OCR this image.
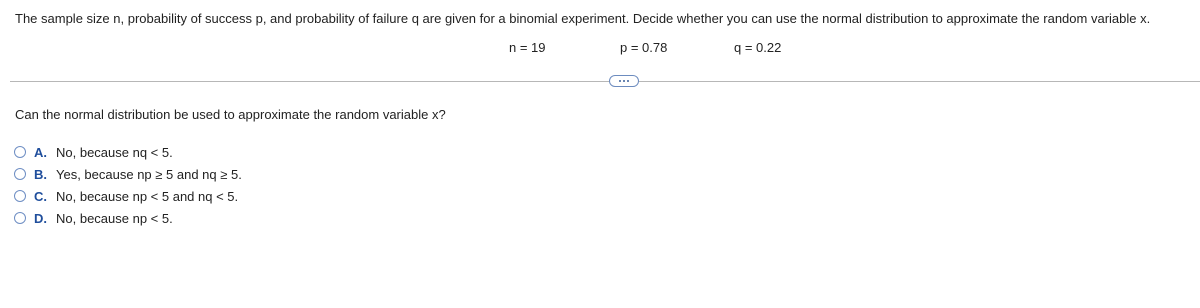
The sample size n, probability of success p, and probability of failure q are given for a binomial experiment. Decide whether you can use the normal distribution to approximate the random variable x.
n = 19	p = 0.78	q = 0.22
Can the normal distribution be used to approximate the random variable x?
A. No, because nq < 5.
B. Yes, because np ≥ 5 and nq ≥ 5.
C. No, because np < 5 and nq < 5.
D. No, because np < 5.
